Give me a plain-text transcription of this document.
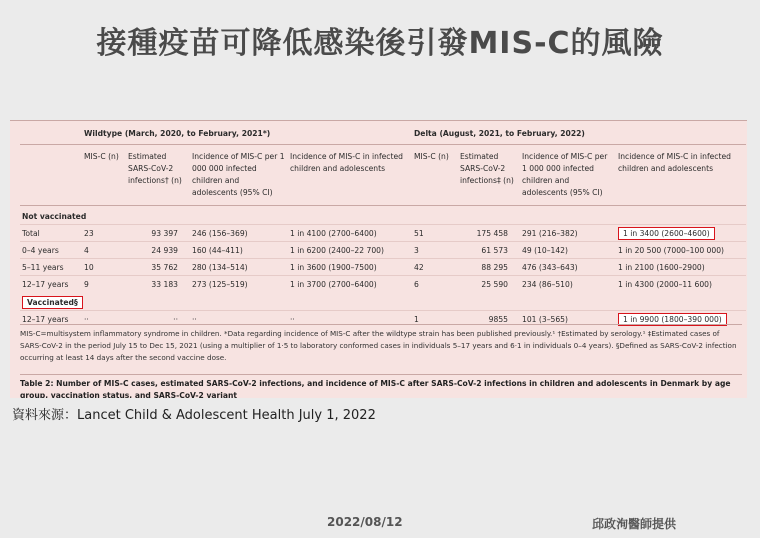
接種疫苗可降低感染後引發MIS-C的風險
	Wildtype (March, 2020, to February, 2021*)				Delta (August, 2021, to February, 2022)			
	MIS-C (n)	Estimated SARS-CoV-2 infections† (n)	Incidence of MIS-C per 1 000 000 infected children and adolescents (95% CI)	Incidence of MIS-C in infected children and adolescents	MIS-C (n)	Estimated SARS-CoV-2 infections‡ (n)	Incidence of MIS-C per 1 000 000 infected children and adolescents (95% CI)	Incidence of MIS-C in infected children and adolescents
Not vaccinated								
Total	23	93 397	246 (156–369)	1 in 4100 (2700–6400)	51	175 458	291 (216–382)	1 in 3400 (2600–4600)
0–4 years	4	24 939	160 (44–411)	1 in 6200 (2400–22 700)	3	61 573	49 (10–142)	1 in 20 500 (7000–100 000)
5–11 years	10	35 762	280 (134–514)	1 in 3600 (1900–7500)	42	88 295	476 (343–643)	1 in 2100 (1600–2900)
12–17 years	9	33 183	273 (125–519)	1 in 3700 (2700–6400)	6	25 590	234 (86–510)	1 in 4300 (2000–11 600)
Vaccinated§								
12–17 years	··	··	··	··	1	9855	101 (3–565)	1 in 9900 (1800–390 000)
MIS-C=multisystem inflammatory syndrome in children. *Data regarding incidence of MIS-C after the wildtype strain has been published previously.¹ †Estimated by serology.¹ ‡Estimated cases of SARS-CoV-2 in the period July 15 to Dec 15, 2021 (using a multiplier of 1·5 to laboratory conformed cases in individuals 5–17 years and 6·1 in individuals 0–4 years). §Defined as SARS-CoV-2 infection occurring at least 14 days after the second vaccine dose.
Table 2: Number of MIS-C cases, estimated SARS-CoV-2 infections, and incidence of MIS-C after SARS-CoV-2 infections in children and adolescents in Denmark by age group, vaccination status, and SARS-CoV-2 variant
資料來源：Lancet Child & Adolescent Health July 1, 2022
2022/08/12	邱政洵醫師提供
